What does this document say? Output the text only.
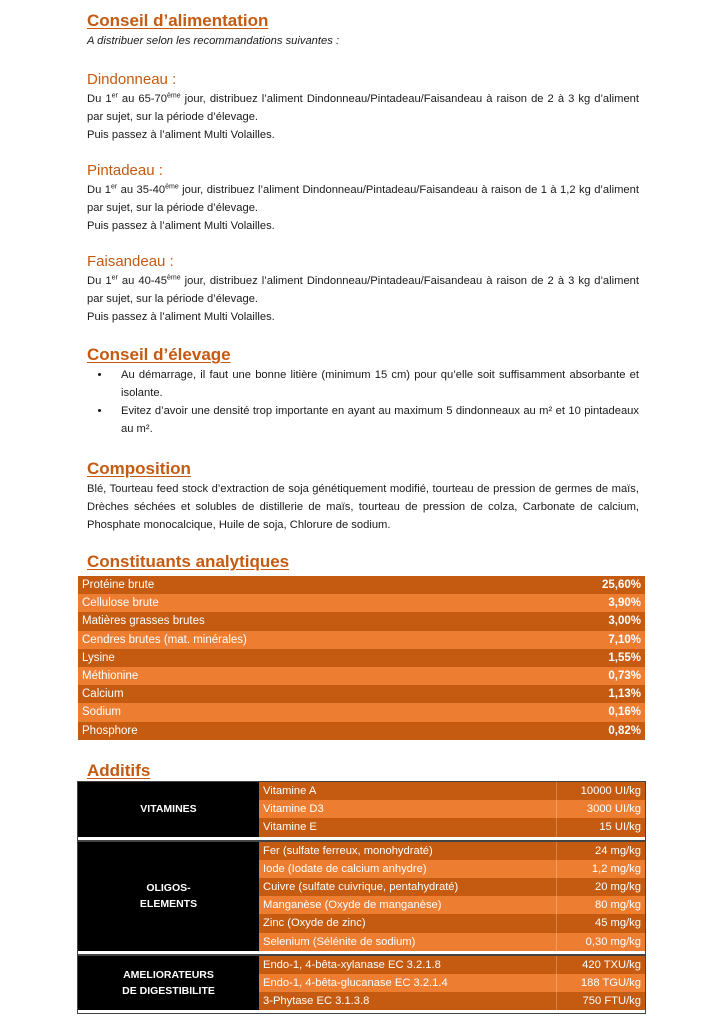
Conseil d’alimentation

A distribuer selon les recommandations suivantes :

Dindonneau :

Du 1er au 65-70ème jour, distribuez l’aliment Dindonneau/Pintadeau/Faisandeau à raison de 2 à 3 kg d’aliment par sujet, sur la période d’élevage.

Puis passez à l’aliment Multi Volailles.

Pintadeau :

Du 1er au 35-40ème jour, distribuez l’aliment Dindonneau/Pintadeau/Faisandeau à raison de 1 à 1,2 kg d’aliment par sujet, sur la période d’élevage.

Puis passez à l’aliment Multi Volailles.

Faisandeau :

Du 1er au 40-45ème jour, distribuez l’aliment Dindonneau/Pintadeau/Faisandeau à raison de 2 à 3 kg d’aliment par sujet, sur la période d’élevage.

Puis passez à l’aliment Multi Volailles.

Conseil d’élevage
• Au démarrage, il faut une bonne litière (minimum 15 cm) pour qu’elle soit suffisamment absorbante et isolante.
• Evitez d’avoir une densité trop importante en ayant au maximum 5 dindonneaux au m² et 10 pintadeaux au m².
Composition

Blé, Tourteau feed stock d’extraction de soja génétiquement modifié, tourteau de pression de germes de maïs, Drèches séchées et solubles de distillerie de maïs, tourteau de pression de colza, Carbonate de calcium, Phosphate monocalcique, Huile de soja, Chlorure de sodium.

Constituants analytiques
Additifs
Protéine brute	25,60%
Cellulose brute	3,90%
Matières grasses brutes	3,00%
Cendres brutes (mat. minérales)	7,10%
Lysine	1,55%
Méthionine	0,73%
Calcium	1,13%
Sodium	0,16%
Phosphore	0,82%
VITAMINES
Vitamine A	10000 UI/kg
Vitamine D3	3000 UI/kg
Vitamine E	15 UI/kg
OLIGOS-
ELEMENTS
Fer (sulfate ferreux, monohydraté)	24 mg/kg
Iode (Iodate de calcium anhydre)	1,2 mg/kg
Cuivre (sulfate cuivrique, pentahydraté)	20 mg/kg
Manganèse (Oxyde de manganèse)	80 mg/kg
Zinc (Oxyde de zinc)	45 mg/kg
Selenium (Sélénite de sodium)	0,30 mg/kg
AMELIORATEURS
DE DIGESTIBILITE
Endo-1, 4-bêta-xylanase EC 3.2.1.8	420 TXU/kg
Endo-1, 4-bêta-glucanase EC 3.2.1.4	188 TGU/kg
3-Phytase EC 3.1.3.8	750 FTU/kg
